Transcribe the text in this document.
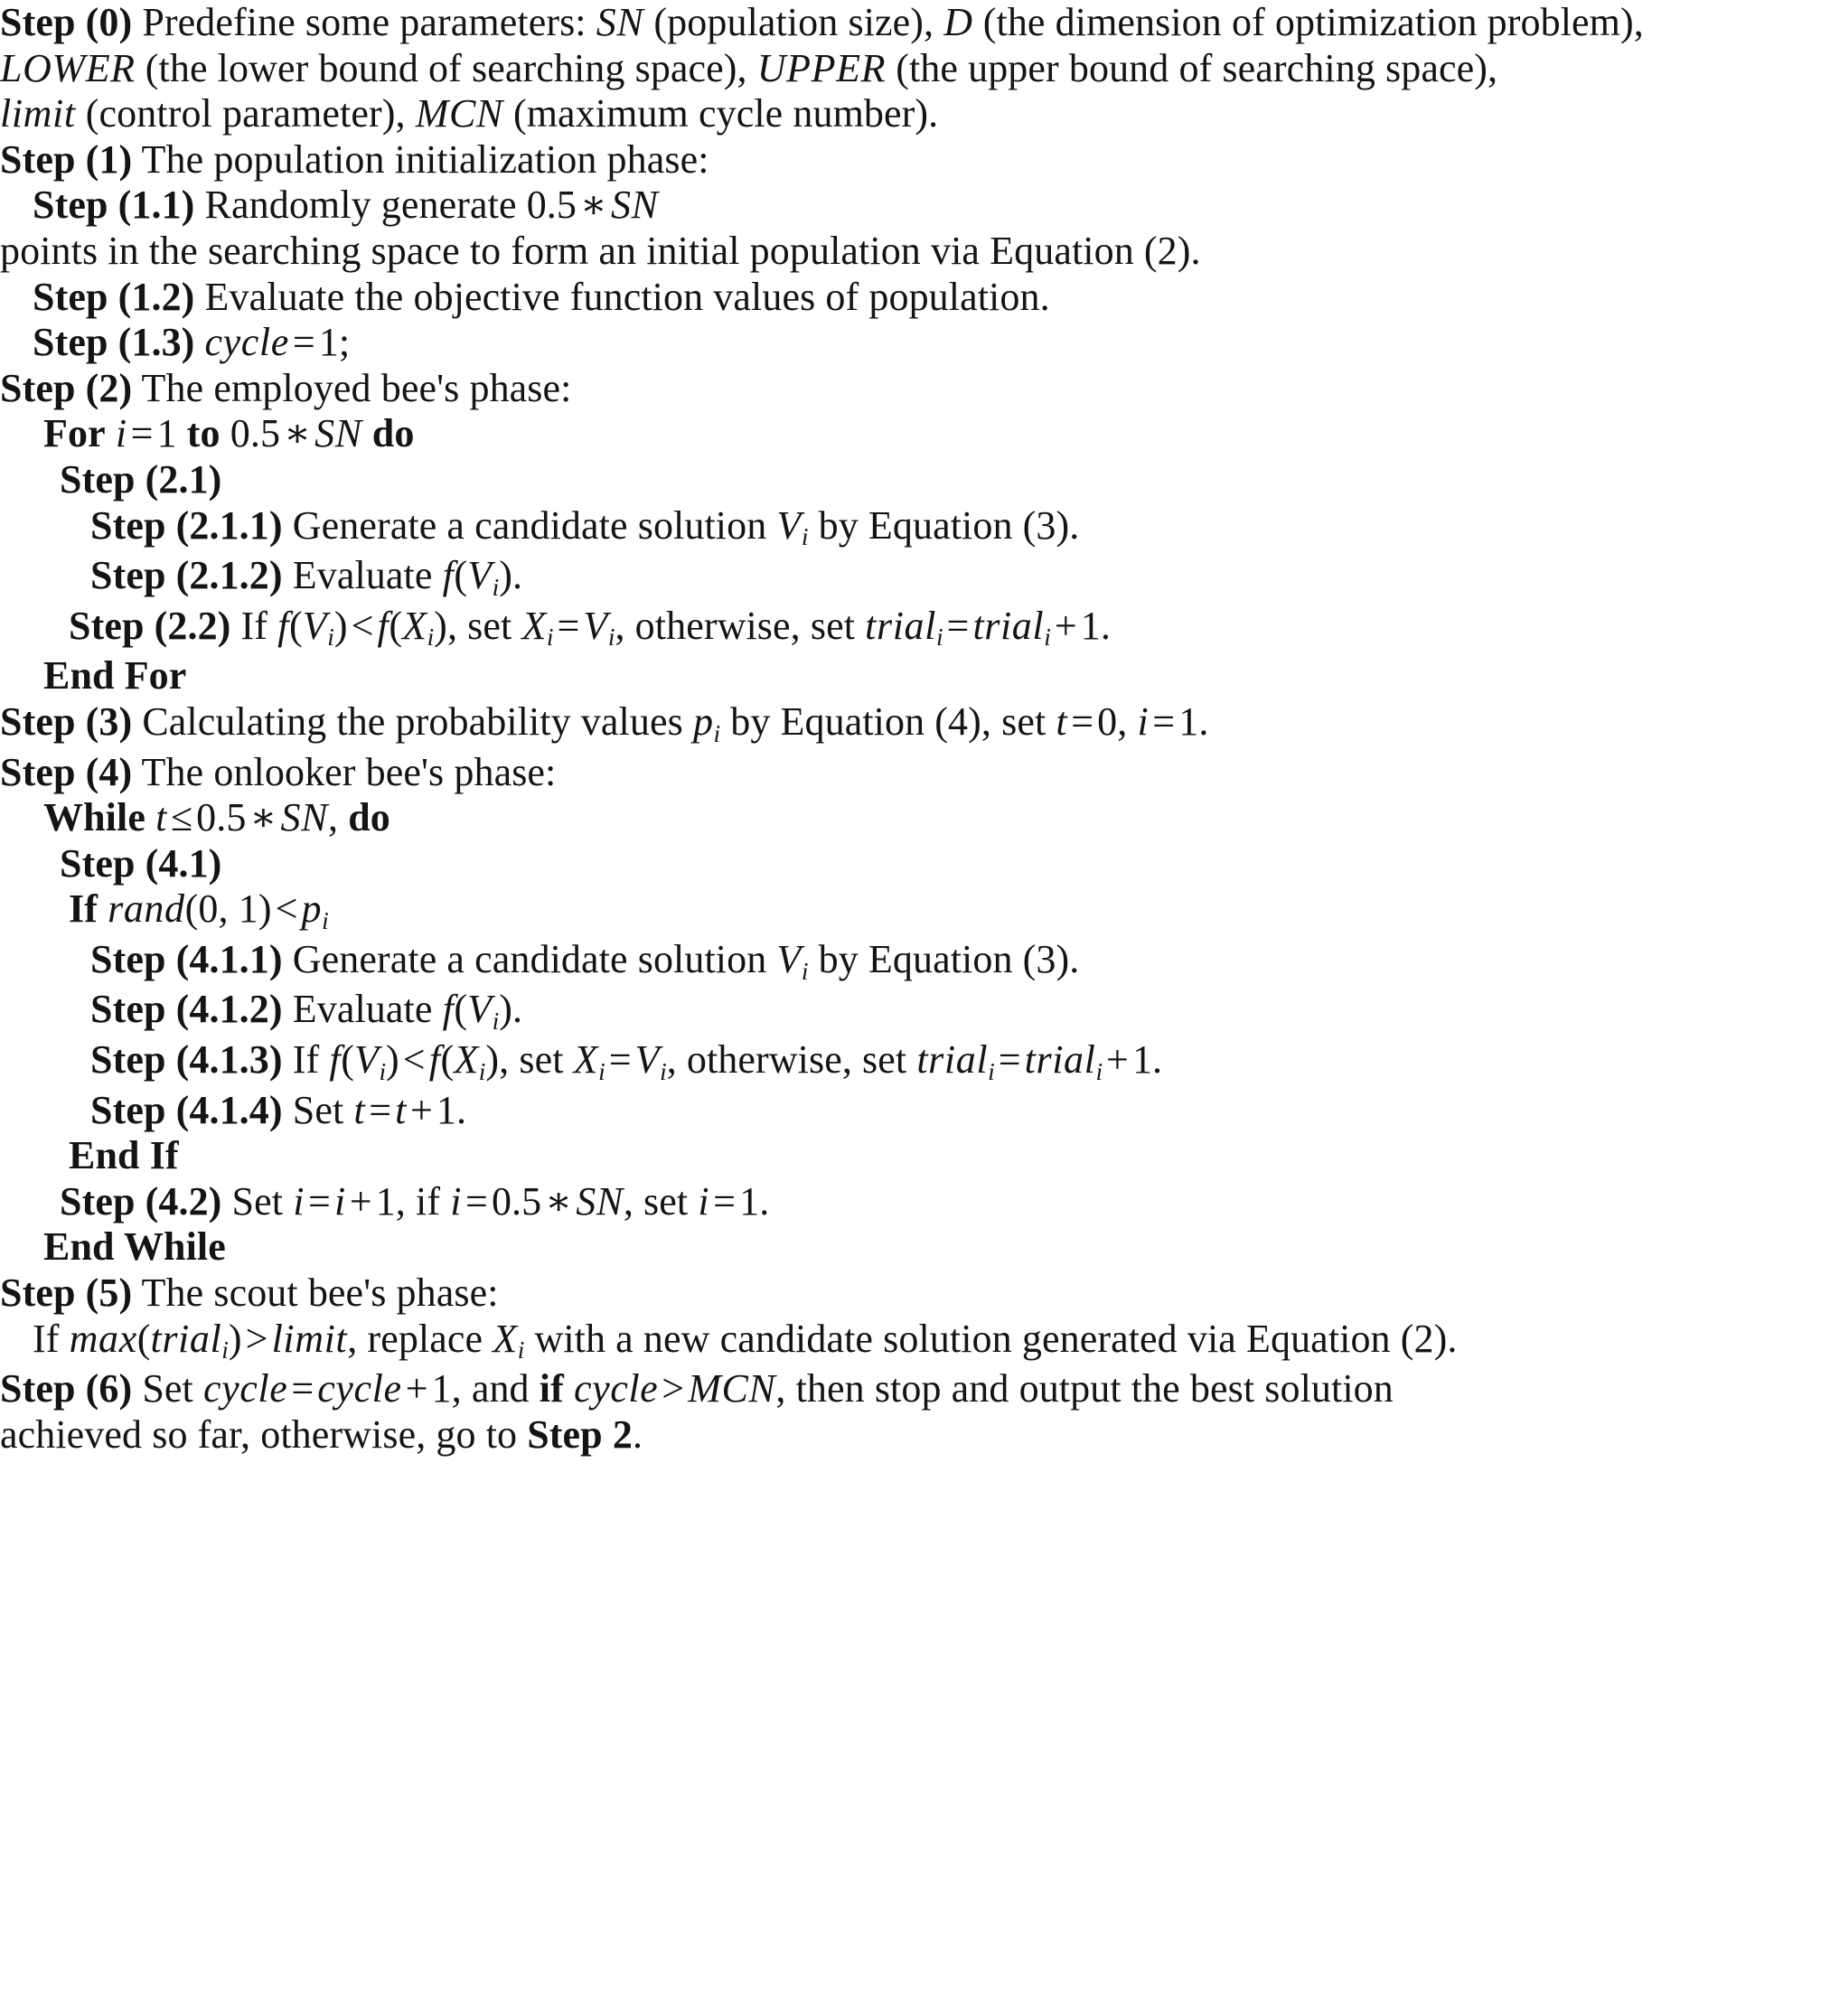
Step (0) Predefine some parameters: SN (population size), D (the dimension of optimization problem),
LOWER (the lower bound of searching space), UPPER (the upper bound of searching space),
limit (control parameter), MCN (maximum cycle number).
Step (1) The population initialization phase:
Step (1.1) Randomly generate 0.5∗SN
points in the searching space to form an initial population via Equation (2).
Step (1.2) Evaluate the objective function values of population.
Step (1.3) cycle=1;
Step (2) The employed bee's phase:
For i=1 to 0.5∗SN do
Step (2.1)
Step (2.1.1) Generate a candidate solution $V_i$ by Equation (3).
Step (2.1.2) Evaluate $f(V_i)$.
Step (2.2) If $f(V_i)<f(X_i)$, set $X_i=V_i$, otherwise, set trial$_i$=trial$_i$+1.
End For
Step (3) Calculating the probability values $p_i$ by Equation (4), set t=0, i=1.
Step (4) The onlooker bee's phase:
While t≤0.5∗SN, do
Step (4.1)
If rand(0, $1)<p_i$
Step (4.1.1) Generate a candidate solution $V_i$ by Equation (3).
Step (4.1.2) Evaluate $f(V_i)$.
Step (4.1.3) If $f(V_i)<f(X_i)$, set $X_i=V_i$, otherwise, set trial$_i$=trial$_i$+1.
Step (4.1.4) Set t=t+1.
End If
Step (4.2) Set i=i+1, if i=0.5∗SN, set i=1.
End While
Step (5) The scout bee's phase:
If max(trial$_i$)>limit, replace $X_i$ with a new candidate solution generated via Equation (2).
Step (6) Set cycle=cycle+1, and if cycle>MCN, then stop and output the best solution
achieved so far, otherwise, go to Step 2.
